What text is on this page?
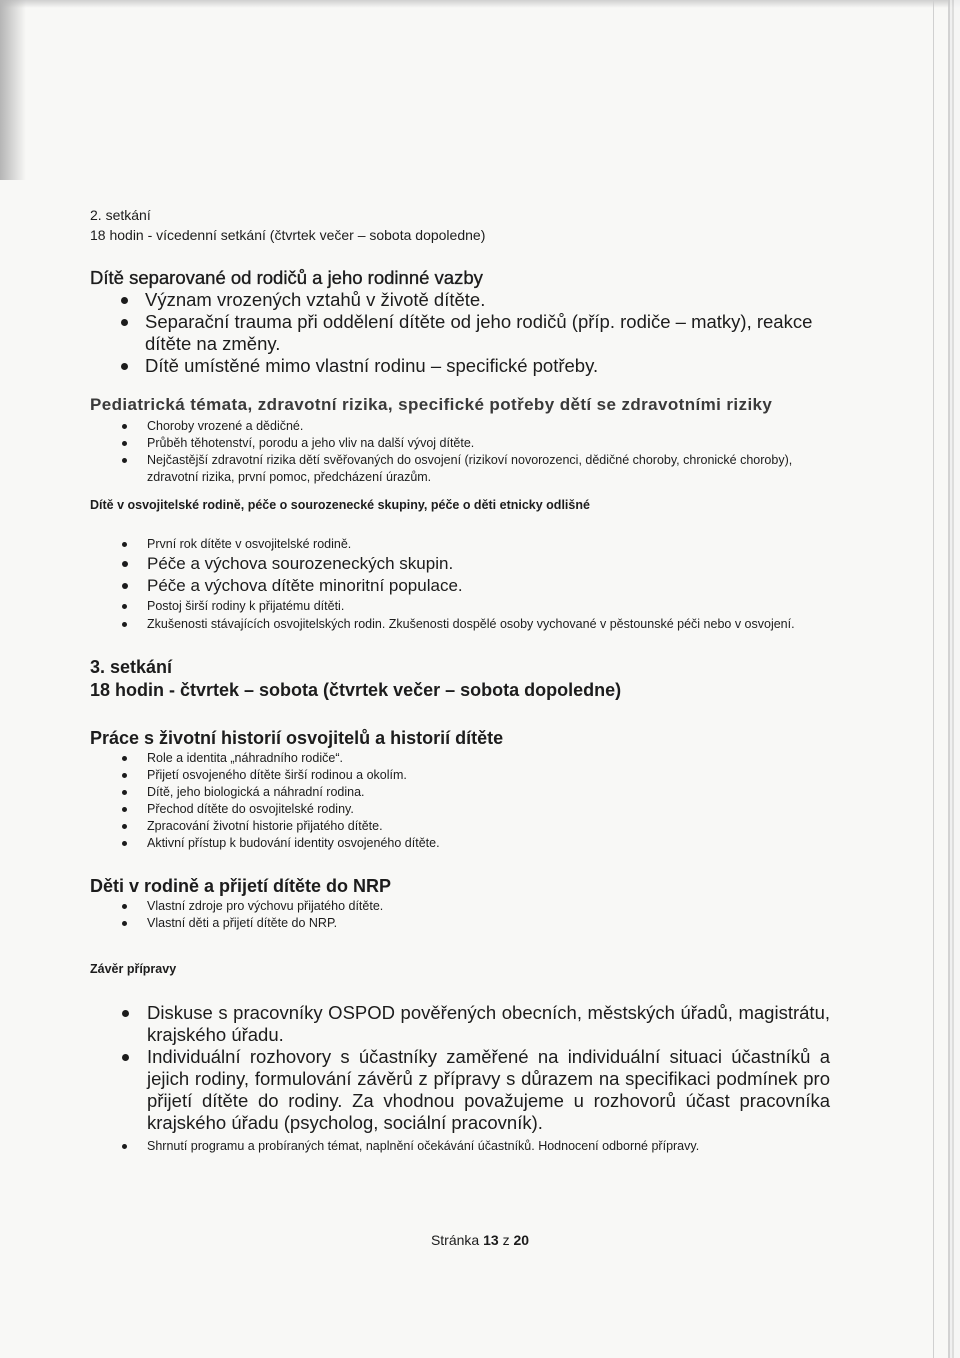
2. setkání
18 hodin - vícedenní setkání (čtvrtek večer – sobota dopoledne)
Dítě separované od rodičů a jeho rodinné vazby
Význam vrozených vztahů v životě dítěte.
Separační trauma při oddělení dítěte od jeho rodičů (příp. rodiče – matky), reakce dítěte na změny.
Dítě umístěné mimo vlastní rodinu – specifické potřeby.
Pediatrická témata, zdravotní rizika, specifické potřeby dětí se zdravotními riziky
Choroby vrozené a dědičné.
Průběh těhotenství, porodu a jeho vliv na další vývoj dítěte.
Nejčastější zdravotní rizika dětí svěřovaných do osvojení (rizikoví novorozenci, dědičné choroby, chronické choroby), zdravotní rizika, první pomoc, předcházení úrazům.
Dítě v osvojitelské rodině, péče o sourozenecké skupiny, péče o děti etnicky odlišné
První rok dítěte v osvojitelské rodině.
Péče a výchova sourozeneckých skupin.
Péče a výchova dítěte minoritní populace.
Postoj širší rodiny k přijatému dítěti.
Zkušenosti stávajících osvojitelských rodin. Zkušenosti dospělé osoby vychované v pěstounské péči nebo v osvojení.
3. setkání
18 hodin - čtvrtek – sobota (čtvrtek večer – sobota dopoledne)
Práce s životní historií osvojitelů a historií dítěte
Role a identita „náhradního rodiče“.
Přijetí osvojeného dítěte širší rodinou a okolím.
Dítě, jeho biologická a náhradní rodina.
Přechod dítěte do osvojitelské rodiny.
Zpracování životní historie přijatého dítěte.
Aktivní přístup k budování identity osvojeného dítěte.
Děti v rodině a přijetí dítěte do NRP
Vlastní zdroje pro výchovu přijatého dítěte.
Vlastní děti a přijetí dítěte do NRP.
Závěr přípravy
Diskuse s pracovníky OSPOD pověřených obecních, městských úřadů, magistrátu, krajského úřadu.
Individuální rozhovory s účastníky zaměřené na individuální situaci účastníků a jejich rodiny, formulování závěrů z přípravy s důrazem na specifikaci podmínek pro přijetí dítěte do rodiny. Za vhodnou považujeme u rozhovorů účast pracovníka krajského úřadu (psycholog, sociální pracovník).
Shrnutí programu a probíraných témat, naplnění očekávání účastníků. Hodnocení odborné přípravy.
Stránka 13 z 20
